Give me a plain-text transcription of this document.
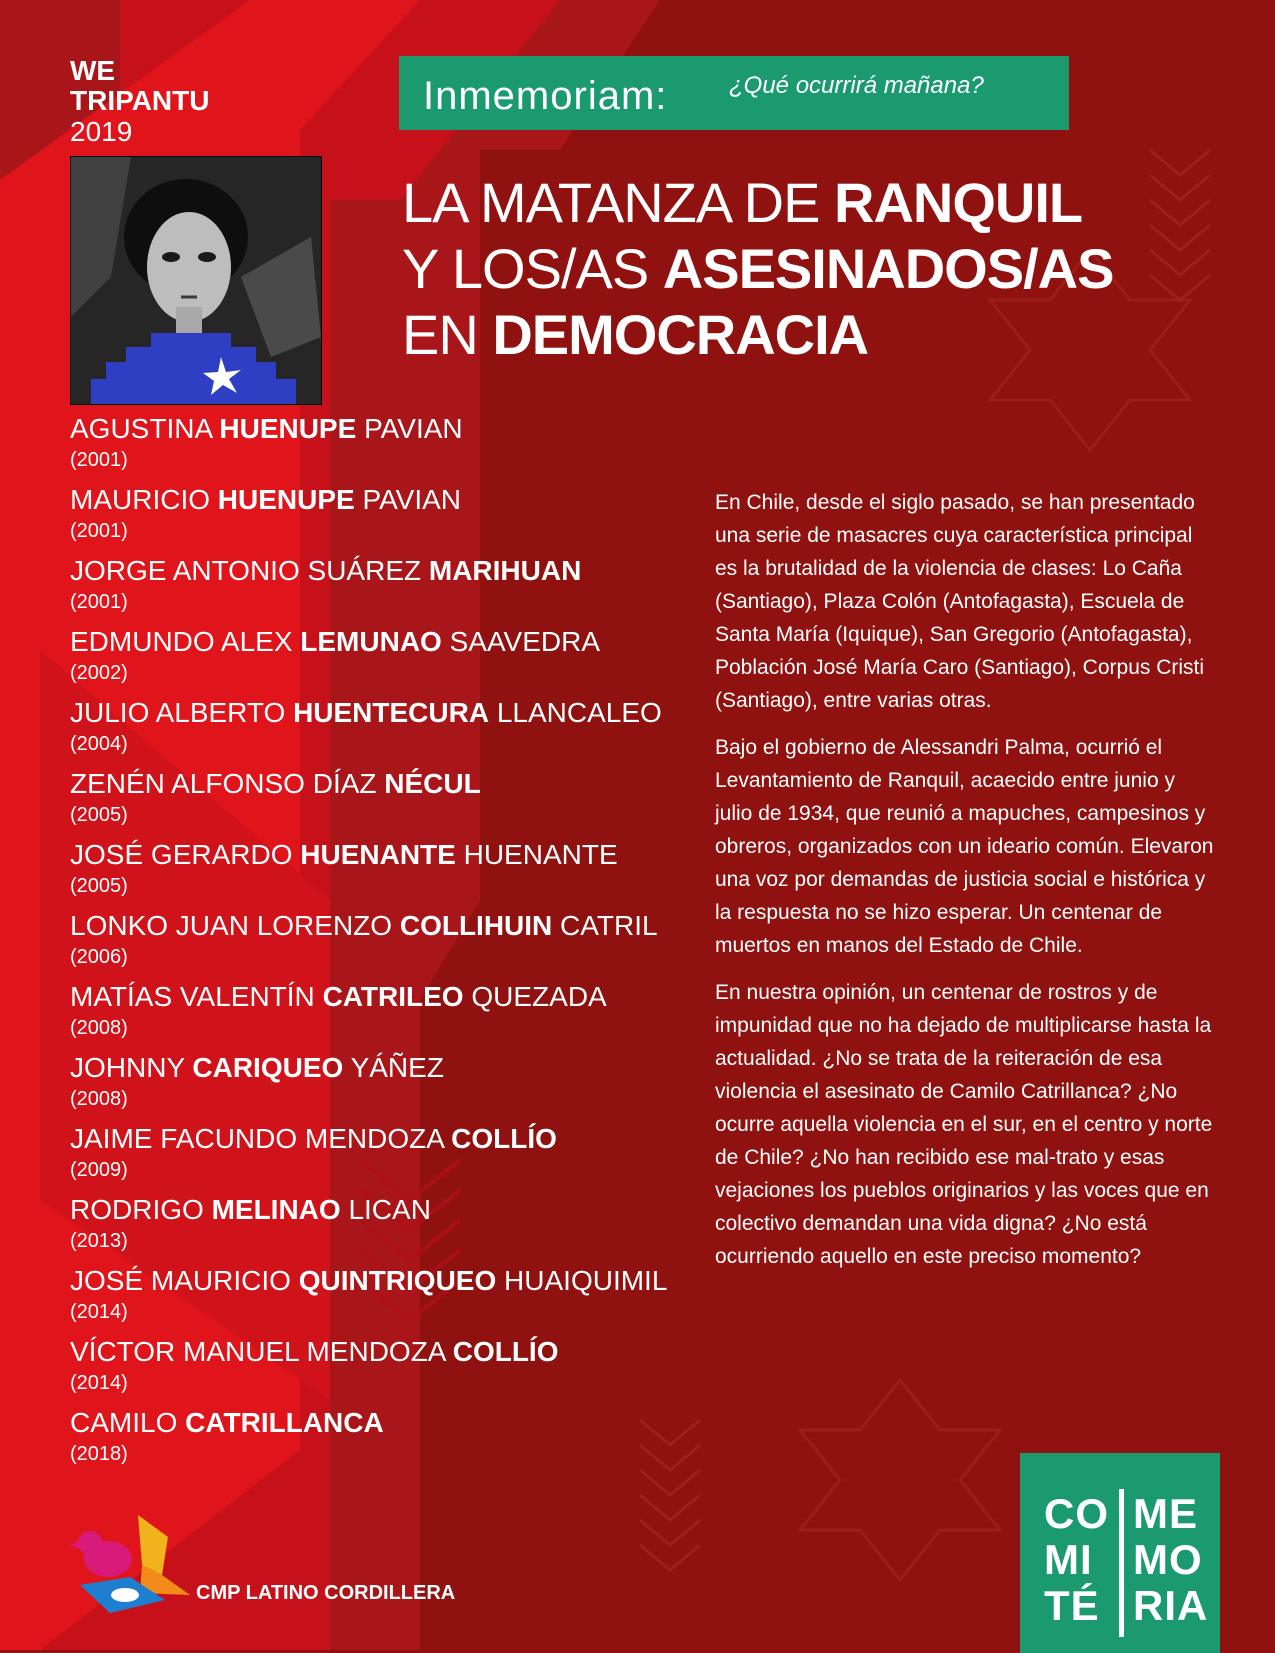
WE
TRIPANTU
2019
Inmemoriam:	¿Qué ocurrirá mañana?
LA MATANZA DE RANQUIL
Y LOS/AS ASESINADOS/AS
EN DEMOCRACIA
AGUSTINA HUENUPE PAVIAN
(2001)
MAURICIO HUENUPE PAVIAN
(2001)
JORGE ANTONIO SUÁREZ MARIHUAN
(2001)
EDMUNDO ALEX LEMUNAO SAAVEDRA
(2002)
JULIO ALBERTO HUENTECURA LLANCALEO
(2004)
ZENÉN ALFONSO DÍAZ NÉCUL
(2005)
JOSÉ GERARDO HUENANTE HUENANTE
(2005)
LONKO JUAN LORENZO COLLIHUIN CATRIL
(2006)
MATÍAS VALENTÍN CATRILEO QUEZADA
(2008)
JOHNNY CARIQUEO YÁÑEZ
(2008)
JAIME FACUNDO MENDOZA COLLÍO
(2009)
RODRIGO MELINAO LICAN
(2013)
JOSÉ MAURICIO QUINTRIQUEO HUAIQUIMIL
(2014)
VÍCTOR MANUEL MENDOZA COLLÍO
(2014)
CAMILO CATRILLANCA
(2018)

En Chile, desde el siglo pasado, se han presentado una serie de masacres cuya característica principal es la brutalidad de la violencia de clases: Lo Caña (Santiago), Plaza Colón (Antofagasta), Escuela de Santa María (Iquique), San Gregorio (Antofagasta), Población José María Caro (Santiago), Corpus Cristi (Santiago), entre varias otras.

Bajo el gobierno de Alessandri Palma, ocurrió el Levantamiento de Ranquil, acaecido entre junio y julio de 1934, que reunió a mapuches, campesinos y obreros, organizados con un ideario común. Elevaron una voz por demandas de justicia social e histórica y la respuesta no se hizo esperar. Un centenar de muertos en manos del Estado de Chile.

En nuestra opinión, un centenar de rostros y de impunidad que no ha dejado de multiplicarse hasta la actualidad. ¿No se trata de la reiteración de esa violencia el asesinato de Camilo Catrillanca? ¿No ocurre aquella violencia en el sur, en el centro y norte de Chile? ¿No han recibido ese mal-trato y esas vejaciones los pueblos originarios y las voces que en colectivo demandan una vida digna? ¿No está ocurriendo aquello en este preciso momento?

CMP LATINO CORDILLERA
CO
MI
TÉ
ME
MO
RIA
